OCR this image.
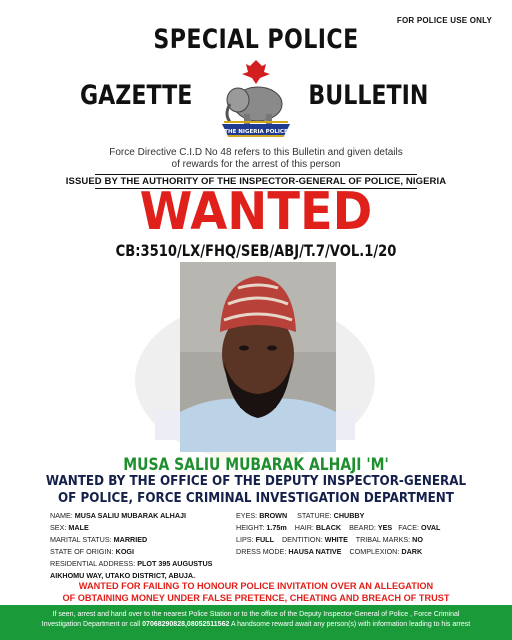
FOR POLICE USE ONLY
SPECIAL POLICE
GAZETTE	BULLETIN
THE NIGERIA POLICE
Force Directive C.I.D No 48 refers to this Bulletin and given details
of rewards for the arrest of this person
ISSUED BY THE AUTHORITY OF THE INSPECTOR-GENERAL OF POLICE, NIGERIA
WANTED
CB:3510/LX/FHQ/SEB/ABJ/T.7/VOL.1/20
MUSA SALIU MUBARAK ALHAJI 'M'
WANTED BY THE OFFICE OF THE DEPUTY INSPECTOR-GENERAL
OF POLICE, FORCE CRIMINAL INVESTIGATION DEPARTMENT
NAME: MUSA SALIU MUBARAK ALHAJI
SEX: MALE
MARITAL STATUS: MARRIED
STATE OF ORIGIN: KOGI
RESIDENTIAL ADDRESS: PLOT 395 AUGUSTUS
AIKHOMU WAY, UTAKO DISTRICT, ABUJA.
EYES: BROWN STATURE: CHUBBY
HEIGHT: 1.75m HAIR: BLACK BEARD: YES FACE: OVAL
LIPS: FULL DENTITION: WHITE TRIBAL MARKS: NO
DRESS MODE: HAUSA NATIVE COMPLEXION: DARK
WANTED FOR FAILING TO HONOUR POLICE INVITATION OVER AN ALLEGATION
OF OBTAINING MONEY UNDER FALSE PRETENCE, CHEATING AND BREACH OF TRUST
If seen, arrest and hand over to the nearest Police Station or to the office of the Deputy Inspector-General of Police , Force Criminal
Investigation Department or call 07068290828,08052511562 A handsome reward await any person(s) with information leading to his arrest
